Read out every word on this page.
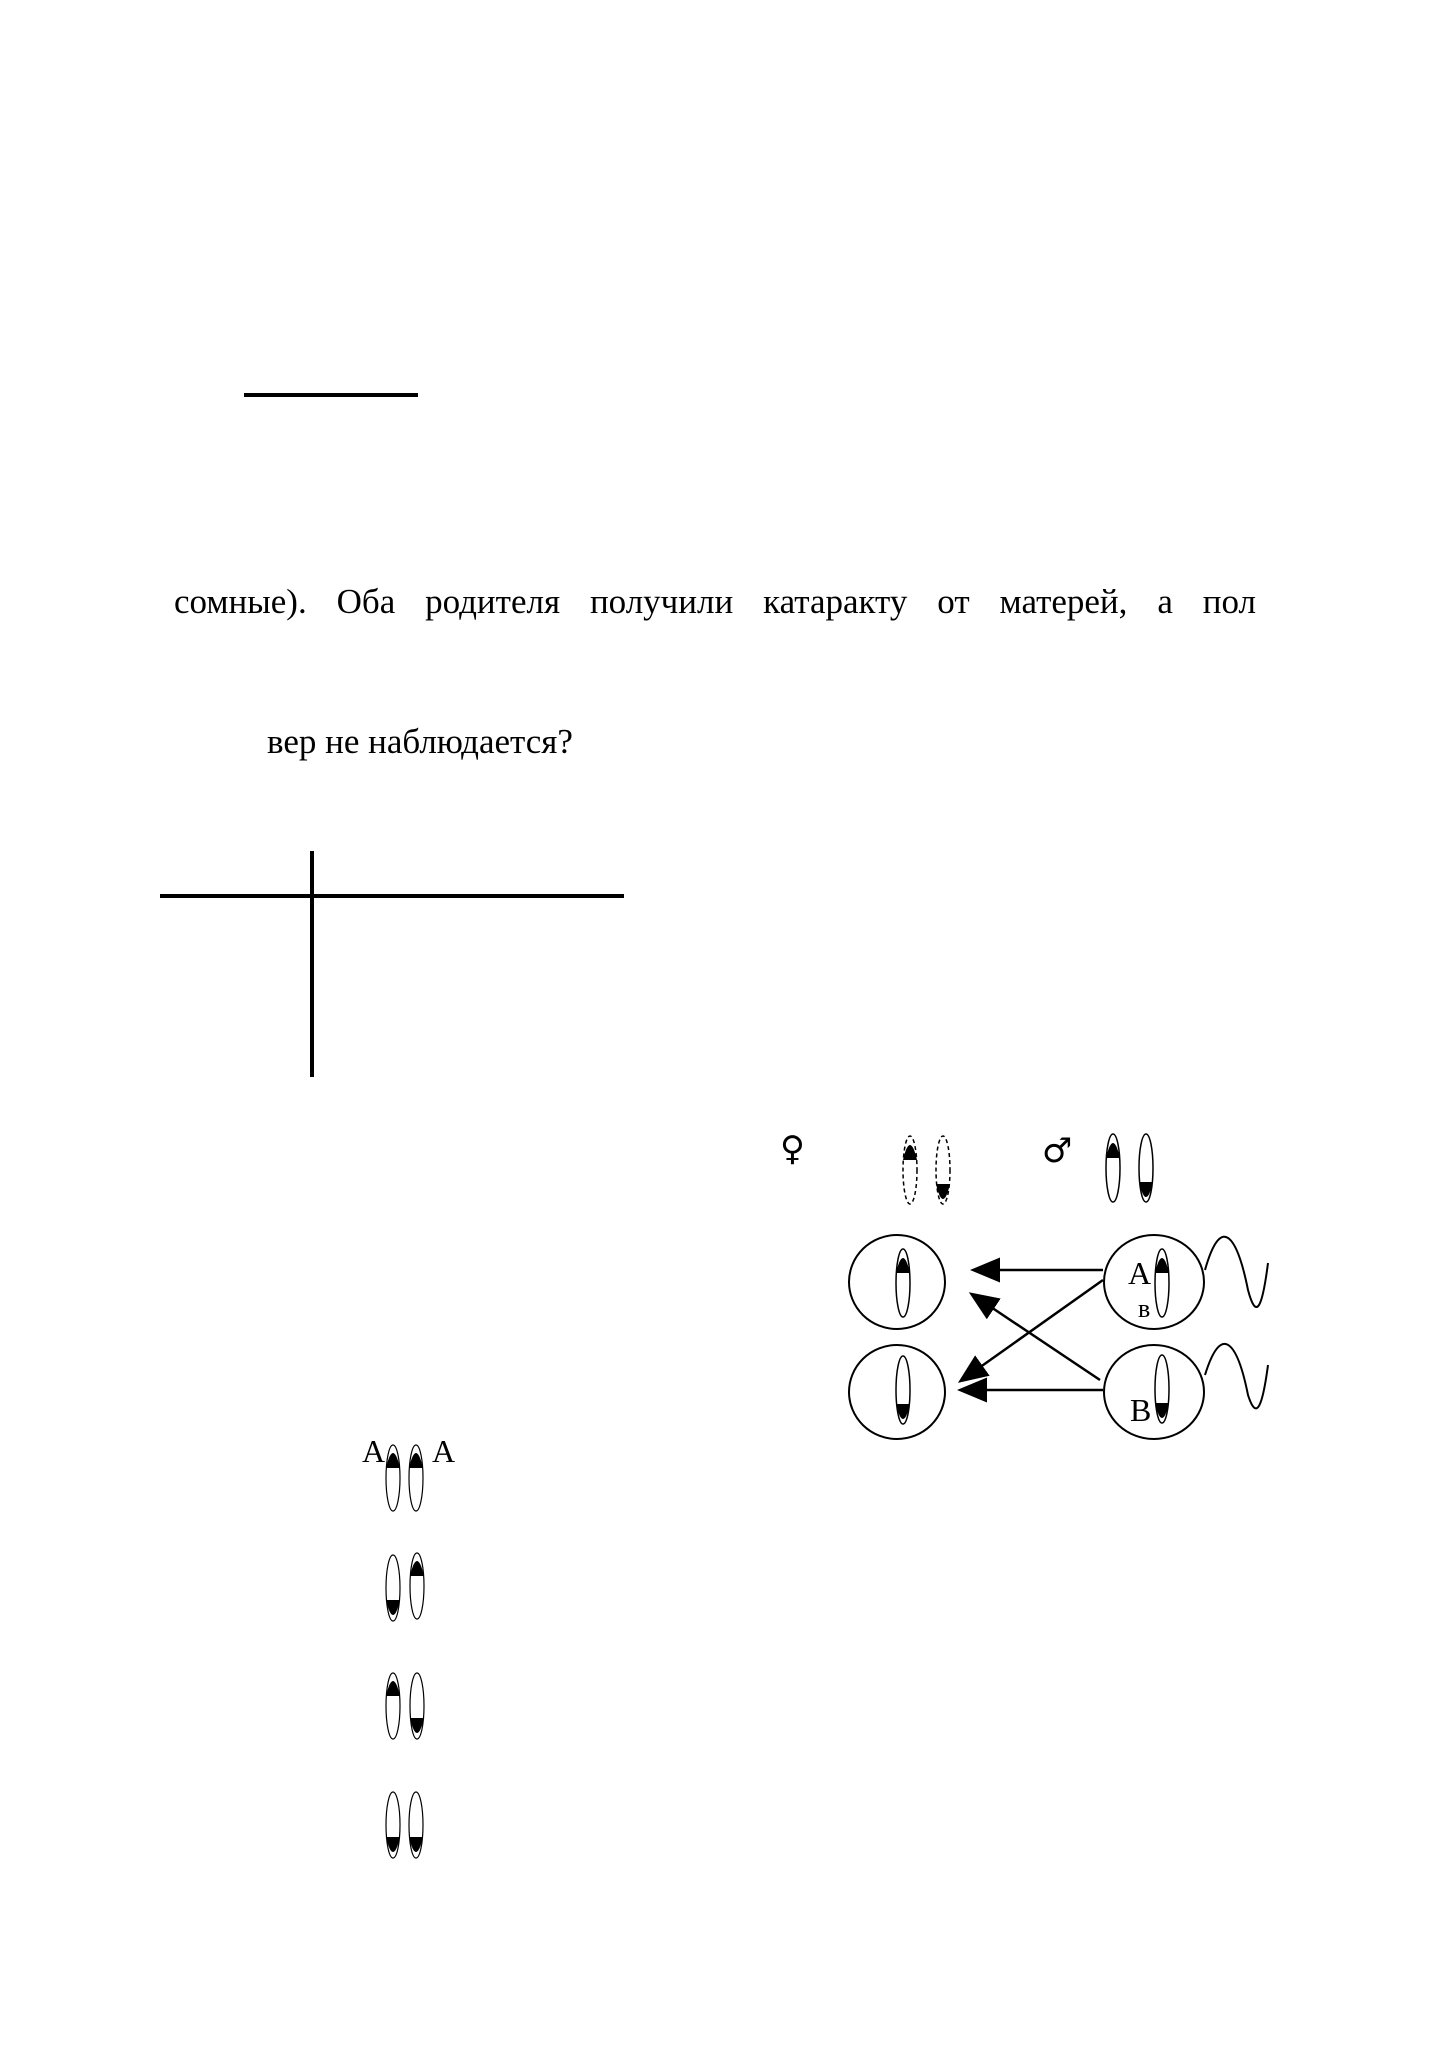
сомные). Оба родителя получили катаракту от матерей, а пол
вер не наблюдается?
♀	♂
А
в
В
А А
